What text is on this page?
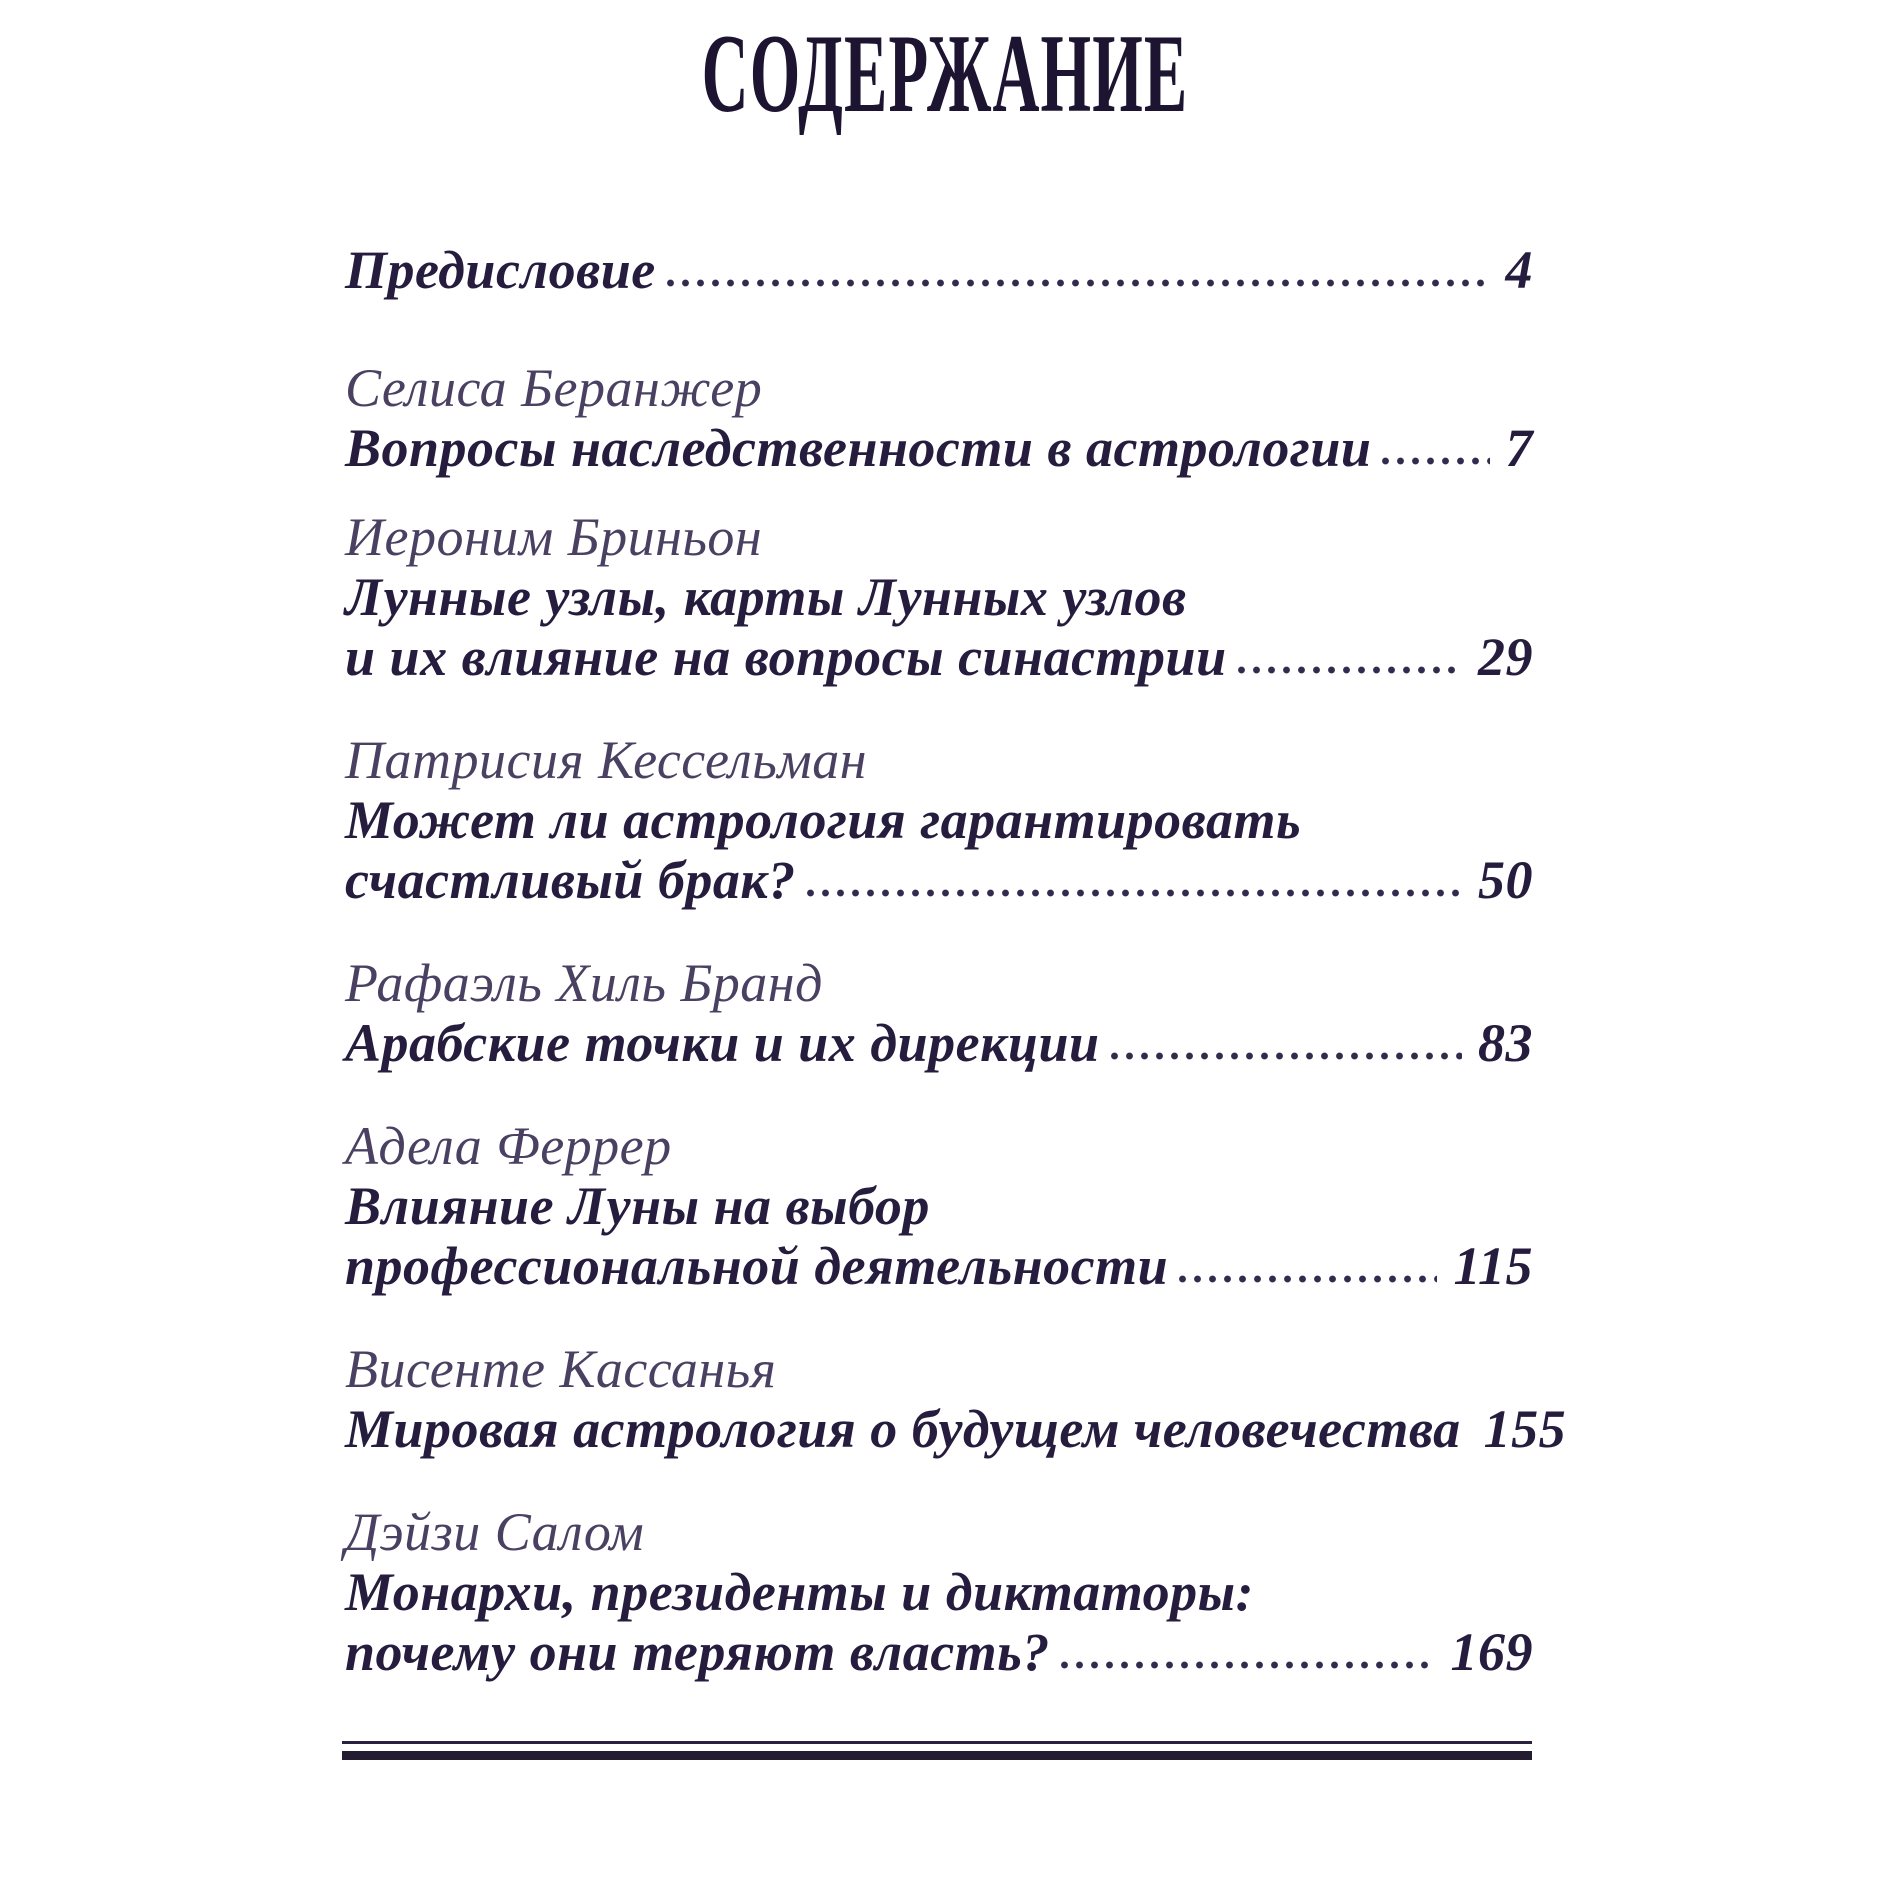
СОДЕРЖАНИЕ
Предисловие	4
Селиса Беранжер
Вопросы наследственности в астрологии 7
Иероним Бриньон
Лунные узлы, карты Лунных узлов
и их влияние на вопросы синастрии	29
Патрисия Кессельман
Может ли астрология гарантировать
счастливый брак?	50
Рафаэль Хиль Бранд
Арабские точки и их дирекции	83
Адела Феррер
Влияние Луны на выбор
профессиональной деятельности	115
Висенте Кассанья
Мировая астрология о будущем человечества 155
Дэйзи Салом
Монархи, президенты и диктаторы:
почему они теряют власть?	169
